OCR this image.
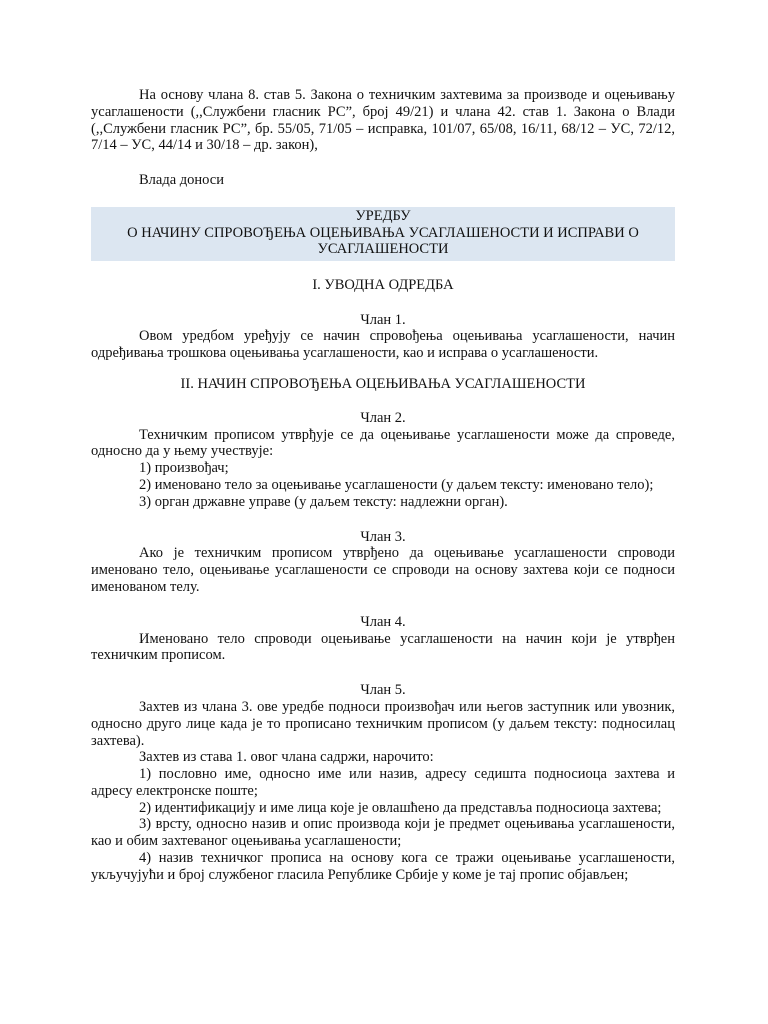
На основу члана 8. став 5. Закона о техничким захтевима за производе и оцењивању усаглашености (,,Службени гласник РС”, број 49/21) и члана 42. став 1. Закона о Влади (,,Службени гласник РС”, бр. 55/05, 71/05 – исправка, 101/07, 65/08, 16/11, 68/12 – УС, 72/12, 7/14 – УС, 44/14 и 30/18 – др. закон),

Влада доноси

УРЕДБУ
О НАЧИНУ СПРОВОЂЕЊА ОЦЕЊИВАЊА УСАГЛАШЕНОСТИ И ИСПРАВИ О
УСАГЛАШЕНОСТИ
I. УВОДНА ОДРЕДБА
Члан 1.

Овом уредбом уређују се начин спровођења оцењивања усаглашености, начин одређивања трошкова оцењивања усаглашености, као и исправа о усаглашености.

II. НАЧИН СПРОВОЂЕЊА ОЦЕЊИВАЊА УСАГЛАШЕНОСТИ
Члан 2.

Техничким прописом утврђује се да оцењивање усаглашености може да спроведе, односно да у њему учествује:

1) произвођач;

2) именовано тело за оцењивање усаглашености (у даљем тексту: именовано тело);

3) орган државне управе (у даљем тексту: надлежни орган).

Члан 3.

Ако је техничким прописом утврђено да оцењивање усаглашености спроводи именовано тело, оцењивање усаглашености се спроводи на основу захтева који се подноси именованом телу.

Члан 4.

Именовано тело спроводи оцењивање усаглашености на начин који је утврђен техничким прописом.

Члан 5.

Захтев из члана 3. ове уредбе подноси произвођач или његов заступник или увозник, односно друго лице када је то прописано техничким прописом (у даљем тексту: подносилац захтева).

Захтев из става 1. овог члана садржи, нарочито:

1) пословно име, односно име или назив, адресу седишта подносиоца захтева и адресу електронске поште;

2) идентификацију и име лица које је овлашћено да представља подносиоца захтева;

3) врсту, односно назив и опис производа који је предмет оцењивања усаглашености, као и обим захтеваног оцењивања усаглашености;

4) назив техничког прописа на основу кога се тражи оцењивање усаглашености, укључујући и број службеног гласила Републике Србије у коме је тај пропис објављен;
